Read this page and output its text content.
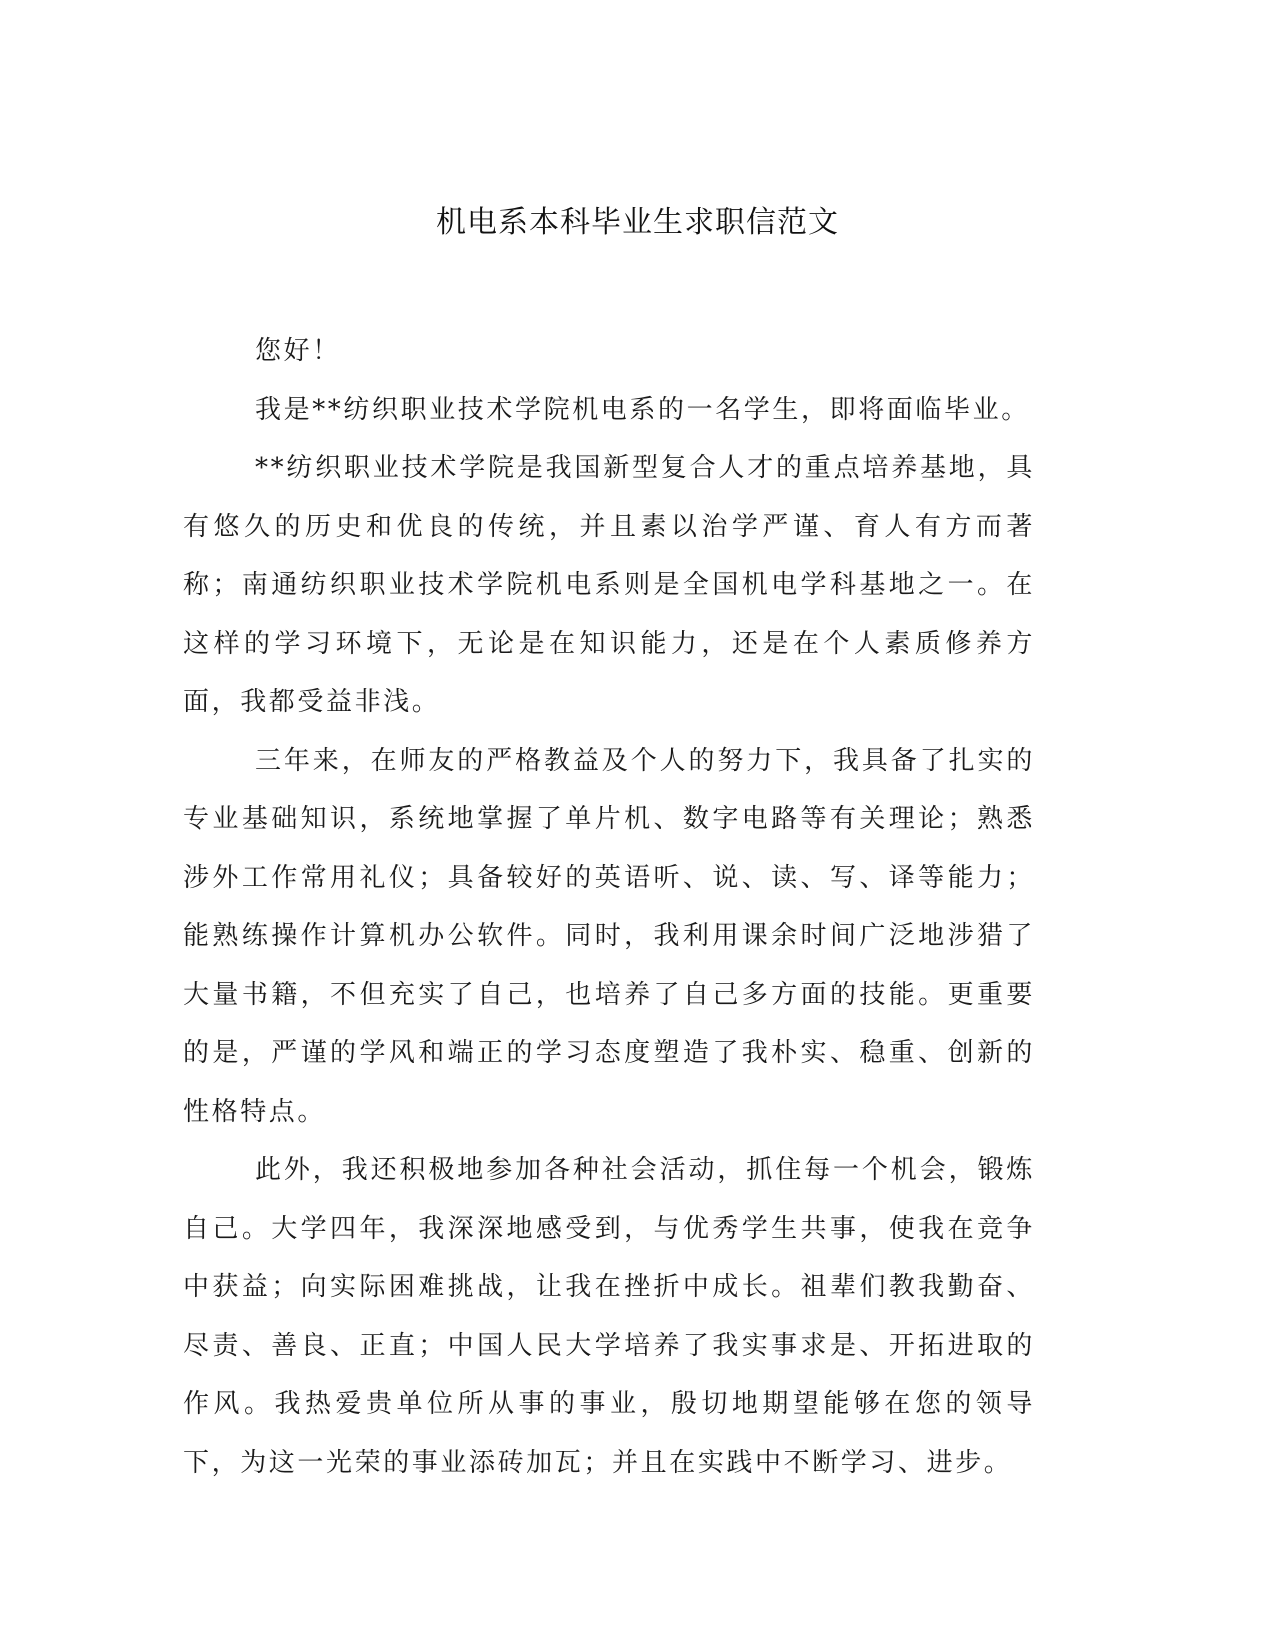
机电系本科毕业生求职信范文

您好！

我是**纺织职业技术学院机电系的一名学生，即将面临毕业。

**纺织职业技术学院是我国新型复合人才的重点培养基地，具有悠久的历史和优良的传统，并且素以治学严谨、育人有方而著称；南通纺织职业技术学院机电系则是全国机电学科基地之一。在这样的学习环境下，无论是在知识能力，还是在个人素质修养方面，我都受益非浅。

三年来，在师友的严格教益及个人的努力下，我具备了扎实的专业基础知识，系统地掌握了单片机、数字电路等有关理论；熟悉涉外工作常用礼仪；具备较好的英语听、说、读、写、译等能力；能熟练操作计算机办公软件。同时，我利用课余时间广泛地涉猎了大量书籍，不但充实了自己，也培养了自己多方面的技能。更重要的是，严谨的学风和端正的学习态度塑造了我朴实、稳重、创新的性格特点。

此外，我还积极地参加各种社会活动，抓住每一个机会，锻炼自己。大学四年，我深深地感受到，与优秀学生共事，使我在竞争中获益；向实际困难挑战，让我在挫折中成长。祖辈们教我勤奋、尽责、善良、正直；中国人民大学培养了我实事求是、开拓进取的作风。我热爱贵单位所从事的事业，殷切地期望能够在您的领导下，为这一光荣的事业添砖加瓦；并且在实践中不断学习、进步。
